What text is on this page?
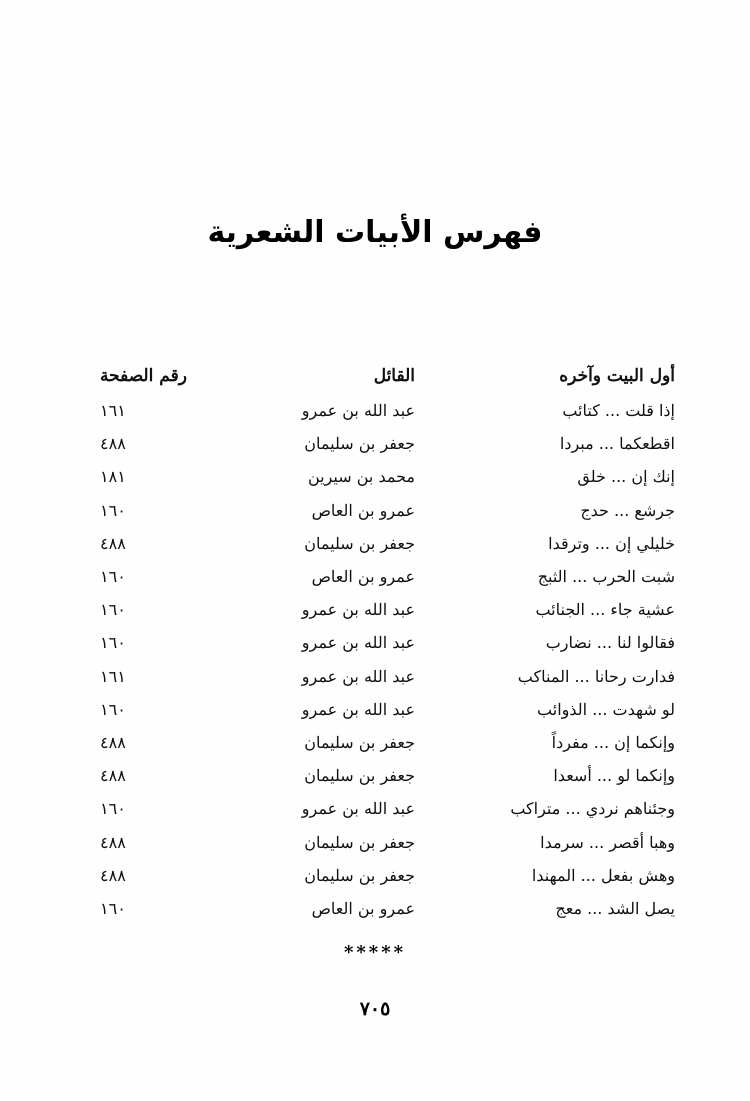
فهرس الأبيات الشعرية
أول البيت وآخره	القائل	رقم الصفحة
إذا قلت ... كتائب	عبد الله بن عمرو	١٦١
اقطعكما ... مبردا	جعفر بن سليمان	٤٨٨
إنك إن ... خلق	محمد بن سيرين	١٨١
جرشع ... حدج	عمرو بن العاص	١٦٠
خليلي إن ... وترقدا	جعفر بن سليمان	٤٨٨
شبت الحرب ... الثبج	عمرو بن العاص	١٦٠
عشية جاء ... الجنائب	عبد الله بن عمرو	١٦٠
فقالوا لنا ... نضارب	عبد الله بن عمرو	١٦٠
فدارت رحانا ... المناكب	عبد الله بن عمرو	١٦١
لو شهدت ... الذوائب	عبد الله بن عمرو	١٦٠
وإنكما إن ... مفرداً	جعفر بن سليمان	٤٨٨
وإنكما لو ... أسعدا	جعفر بن سليمان	٤٨٨
وجئناهم نردي ... متراكب	عبد الله بن عمرو	١٦٠
وهبا أقصر ... سرمدا	جعفر بن سليمان	٤٨٨
وهش بفعل ... المهندا	جعفر بن سليمان	٤٨٨
يصل الشد ... معج	عمرو بن العاص	١٦٠
*****
٧٠٥
